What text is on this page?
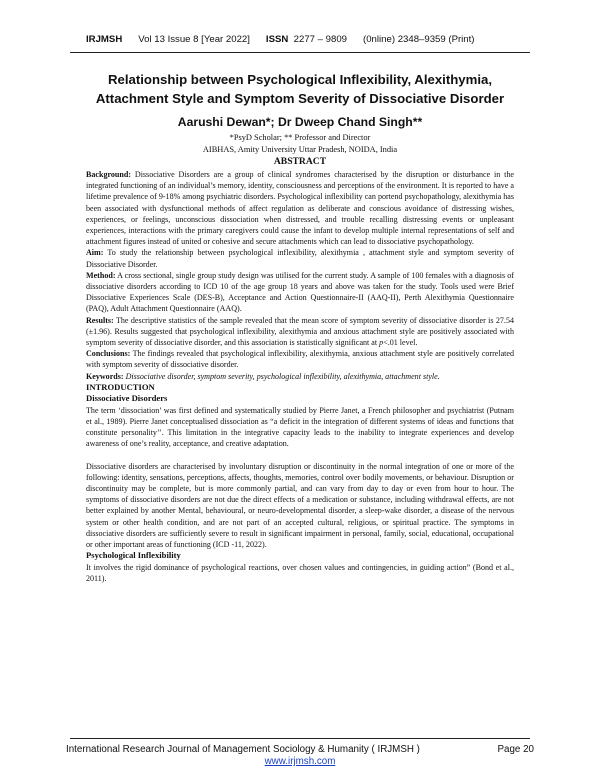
IRJMSH Vol 13 Issue 8 [Year 2022] ISSN 2277 – 9809 (0nline) 2348–9359 (Print)
Relationship between Psychological Inflexibility, Alexithymia,
Attachment Style and Symptom Severity of Dissociative Disorder
Aarushi Dewan*; Dr Dweep Chand Singh**
*PsyD Scholar; ** Professor and Director
AIBHAS, Amity University Uttar Pradesh, NOIDA, India
ABSTRACT

Background: Dissociative Disorders are a group of clinical syndromes characterised by the disruption or disturbance in the integrated functioning of an individual’s memory, identity, consciousness and perceptions of the environment. It is reported to have a lifetime prevalence of 9-18% among psychiatric disorders. Psychological inflexibility can portend psychopathology, alexithymia has been associated with dysfunctional methods of affect regulation as deliberate and conscious avoidance of distressing wishes, experiences, or feelings, unconscious dissociation when distressed, and trouble recalling distressing events or unpleasant experiences, interactions with the primary caregivers could cause the infant to develop multiple internal representations of self and attachment figures instead of united or cohesive and secure attachments which can lead to dissociative psychopathology.

Aim: To study the relationship between psychological inflexibility, alexithymia , attachment style and symptom severity of Dissociative Disorder.

Method: A cross sectional, single group study design was utilised for the current study. A sample of 100 females with a diagnosis of dissociative disorders according to ICD 10 of the age group 18 years and above was taken for the study. Tools used were Brief Dissociative Experiences Scale (DES-B), Acceptance and Action Questionnaire-II (AAQ-II), Perth Alexithymia Questionnaire (PAQ), Adult Attachment Questionnaire (AAQ).

Results: The descriptive statistics of the sample revealed that the mean score of symptom severity of dissociative disorder is 27.54 (±1.96). Results suggested that psychological inflexibility, alexithymia and anxious attachment style are positively associated with symptom severity of dissociative disorder, and this association is statistically significant at p<.01 level.

Conclusions: The findings revealed that psychological inflexibility, alexithymia, anxious attachment style are positively correlated with symptom severity of dissociative disorder.

Keywords: Dissociative disorder, symptom severity, psychological inflexibility, alexithymia, attachment style.

INTRODUCTION
Dissociative Disorders

The term ‘dissociation’ was first defined and systematically studied by Pierre Janet, a French philosopher and psychiatrist (Putnam et al., 1989). Pierre Janet conceptualised dissociation as “a deficit in the integration of different systems of ideas and functions that constitute personality’’. This limitation in the integrative capacity leads to the inability to integrate experiences and develop awareness of one’s reality, acceptance, and creative adaptation.

Dissociative disorders are characterised by involuntary disruption or discontinuity in the normal integration of one or more of the following: identity, sensations, perceptions, affects, thoughts, memories, control over bodily movements, or behaviour. Disruption or discontinuity may be complete, but is more commonly partial, and can vary from day to day or even from hour to hour. The symptoms of dissociative disorders are not due the direct effects of a medication or substance, including withdrawal effects, are not better explained by another Mental, behavioural, or neuro-developmental disorder, a sleep-wake disorder, a disease of the nervous system or other health condition, and are not part of an accepted cultural, religious, or spiritual practice. The symptoms in dissociative disorders are sufficiently severe to result in significant impairment in personal, family, social, educational, occupational or other important areas of functioning (ICD -11, 2022).

Psychological Inflexibility

It involves the rigid dominance of psychological reactions, over chosen values and contingencies, in guiding action” (Bond et al., 2011).

International Research Journal of Management Sociology & Humanity ( IRJMSH )	Page 20
www.irjmsh.com
